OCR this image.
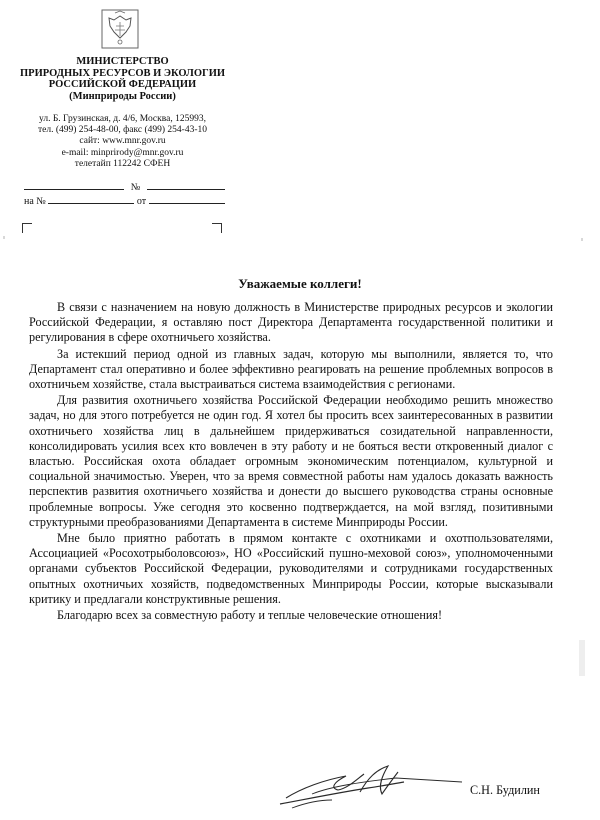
МИНИСТЕРСТВО
ПРИРОДНЫХ РЕСУРСОВ И ЭКОЛОГИИ
РОССИЙСКОЙ ФЕДЕРАЦИИ
(Минприроды России)
ул. Б. Грузинская, д. 4/6, Москва, 125993,
тел. (499) 254-48-00, факс (499) 254-43-10
сайт: www.mnr.gov.ru
e-mail: minprirody@mnr.gov.ru
телетайп 112242 СФЕН
№
на №	от
Уважаемые коллеги!

В связи с назначением на новую должность в Министерстве природных ресурсов и экологии Российской Федерации, я оставляю пост Директора Департамента государственной политики и регулирования в сфере охотничьего хозяйства.

За истекший период одной из главных задач, которую мы выполнили, является то, что Департамент стал оперативно и более эффективно реагировать на решение проблемных вопросов в охотничьем хозяйстве, стала выстраиваться система взаимодействия с регионами.

Для развития охотничьего хозяйства Российской Федерации необходимо решить множество задач, но для этого потребуется не один год. Я хотел бы просить всех заинтересованных в развитии охотничьего хозяйства лиц в дальнейшем придерживаться созидательной направленности, консолидировать усилия всех кто вовлечен в эту работу и не бояться вести откровенный диалог с властью. Российская охота обладает огромным экономическим потенциалом, культурной и социальной значимостью. Уверен, что за время совместной работы нам удалось доказать важность перспектив развития охотничьего хозяйства и донести до высшего руководства страны основные проблемные вопросы. Уже сегодня это косвенно подтверждается, на мой взгляд, позитивными структурными преобразованиями Департамента в системе Минприроды России.

Мне было приятно работать в прямом контакте с охотниками и охотпользователями, Ассоциацией «Росохотрыболовсоюз», НО «Российский пушно-меховой союз», уполномоченными органами субъектов Российской Федерации, руководителями и сотрудниками государственных опытных охотничьих хозяйств, подведомственных Минприроды России, которые высказывали критику и предлагали конструктивные решения.

Благодарю всех за совместную работу и теплые человеческие отношения!

С.Н. Будилин
